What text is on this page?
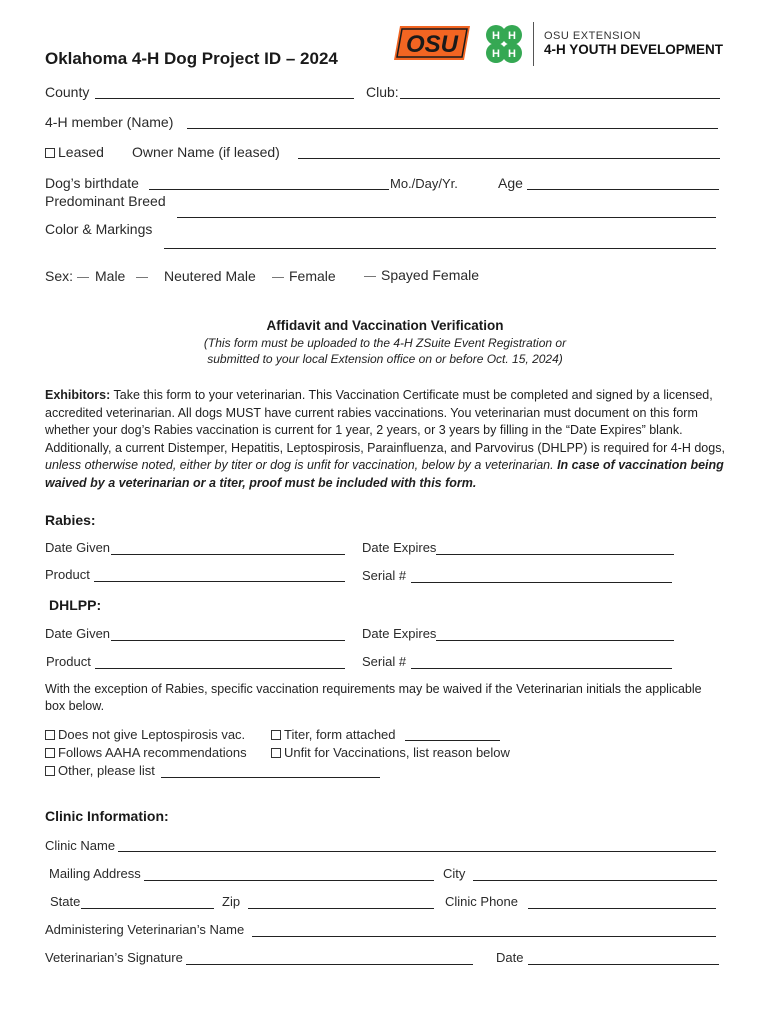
Oklahoma 4-H Dog Project ID – 2024
OSU	H H
H H
OSU EXTENSION
4-H YOUTH DEVELOPMENT
County	Club:
4-H member (Name)
Leased Owner Name (if leased)
Dog’s birthdate	Mo./Day/Yr.	Age
Predominant Breed
Color & Markings
Sex: Male	Neutered Male Female	Spayed Female
Affidavit and Vaccination Verification
(This form must be uploaded to the 4-H ZSuite Event Registration or
submitted to your local Extension office on or before Oct. 15, 2024)
Exhibitors: Take this form to your veterinarian. This Vaccination Certificate must be completed and signed by a licensed, accredited veterinarian. All dogs MUST have current rabies vaccinations. You veterinarian must document on this form whether your dog’s Rabies vaccination is current for 1 year, 2 years, or 3 years by filling in the “Date Expires” blank. Additionally, a current Distemper, Hepatitis, Leptospirosis, Parainfluenza, and Parvovirus (DHLPP) is required for 4-H dogs, unless otherwise noted, either by titer or dog is unfit for vaccination, below by a veterinarian. In case of vaccination being waived by a veterinarian or a titer, proof must be included with this form.
Rabies:
Date Given	Date Expires
Product	Serial #
DHLPP:
Date Given	Date Expires
Product	Serial #
With the exception of Rabies, specific vaccination requirements may be waived if the Veterinarian initials the applicable box below.
Does not give Leptospirosis vac.	Titer, form attached
Follows AAHA recommendations	Unfit for Vaccinations, list reason below
Other, please list
Clinic Information:
Clinic Name
Mailing Address	City
State	Zip	Clinic Phone
Administering Veterinarian’s Name
Veterinarian’s Signature	Date
